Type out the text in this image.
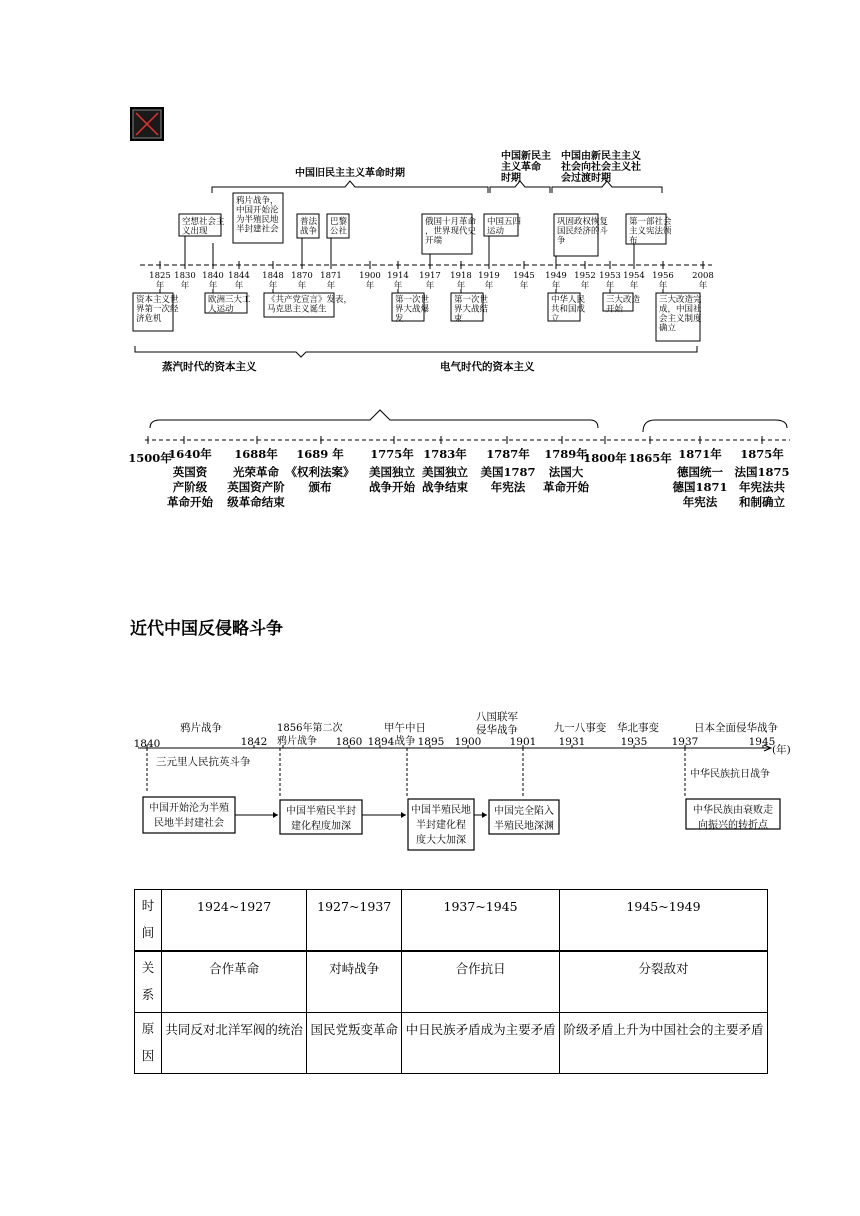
1825 年
1830 年
1840 年
1844 年
1848 年
1870 年
1871 年
1900 年
1914 年
1917 年
1918 年
1919 年
1945 年
1949 年
1952 年
1953 年
1954 年
1956 年
2008 年
中国旧民主主义革命时期
中国新民主主义革命时期
中国由新民主主义社会向社会主义社会过渡时期
空想社会主义出现
鸦片战争，中国开始沦为半殖民地半封建社会
普法战争
巴黎公社
俄国十月革命，世界现代史开端
中国五四运动
巩固政权恢复国民经济的斗争
第一部社会主义宪法颁布
资本主义世界第一次经济危机
欧洲三大工人运动
《共产党宣言》发表，马克思主义诞生
第一次世界大战爆发
第一次世界大战结束
中华人民共和国成立
三大改造开始
三大改造完成，中国社会主义制度确立
蒸汽时代的资本主义	电气时代的资本主义
1500年
1640年 1688年 1689 年 1775年 1783年 1787年 1789年
1800年 1865年 1871年 1875年
英国资产阶级革命开始
光荣革命英国资产阶级革命结束
《权利法案》颁布
美国独立战争开始
美国独立战争结束
美国1787 年宪法
法国大革命开始
德国统一德国1871 年宪法
法国1875 年宪法共和制确立
近代中国反侵略斗争
1840	1842
1856年第二次鸦片战争	1860 1894 1895 1900	1901 1931	1935 1937	1945
(年)
鸦片战争	甲午中日战争
八国联军侵华战争	九一八事变 华北事变	日本全面侵华战争
三元里人民抗英斗争
中华民族抗日战争
中国开始沦为半殖民地半封建社会
中国半殖民半封建化程度加深
中国半殖民地半封建化程度大大加深
中国完全陷入半殖民地深渊
中华民族由衰败走向振兴的转折点
时
间	1924~1927	1927~1937	1937~1945	1945~1949
关
系	合作革命	对峙战争	合作抗日	分裂敌对
原
因	共同反对北洋军阀的统治	国民党叛变革命	中日民族矛盾成为主要矛盾	阶级矛盾上升为中国社会的主要矛盾
